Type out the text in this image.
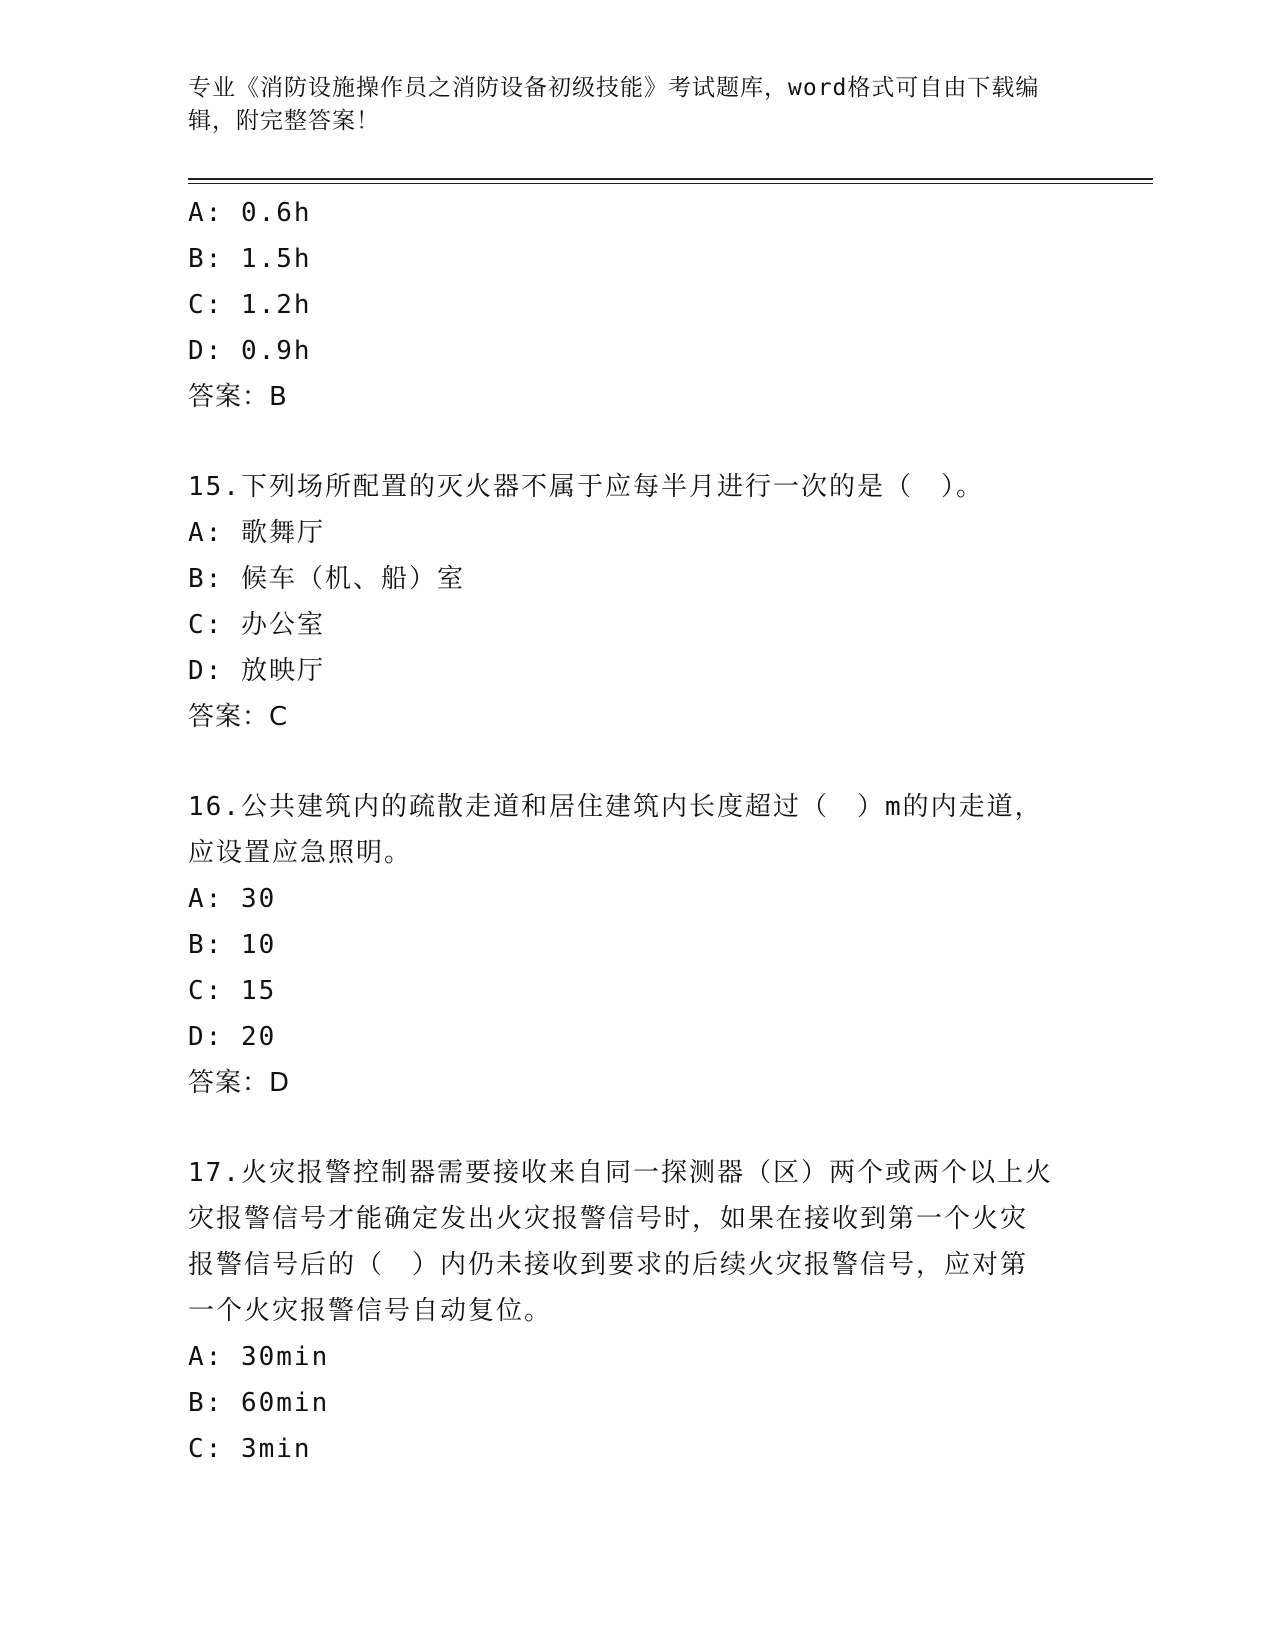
专业《消防设施操作员之消防设备初级技能》考试题库，word格式可自由下载编
辑，附完整答案！
A: 0.6h
B: 1.5h
C: 1.2h
D: 0.9h
答案：B
15.下列场所配置的灭火器不属于应每半月进行一次的是（　）。
A: 歌舞厅
B: 候车（机、船）室
C: 办公室
D: 放映厅
答案：C
16.公共建筑内的疏散走道和居住建筑内长度超过（　）m的内走道，
应设置应急照明。
A: 30
B: 10
C: 15
D: 20
答案：D
17.火灾报警控制器需要接收来自同一探测器（区）两个或两个以上火
灾报警信号才能确定发出火灾报警信号时，如果在接收到第一个火灾
报警信号后的（　）内仍未接收到要求的后续火灾报警信号，应对第
一个火灾报警信号自动复位。
A: 30min
B: 60min
C: 3min
